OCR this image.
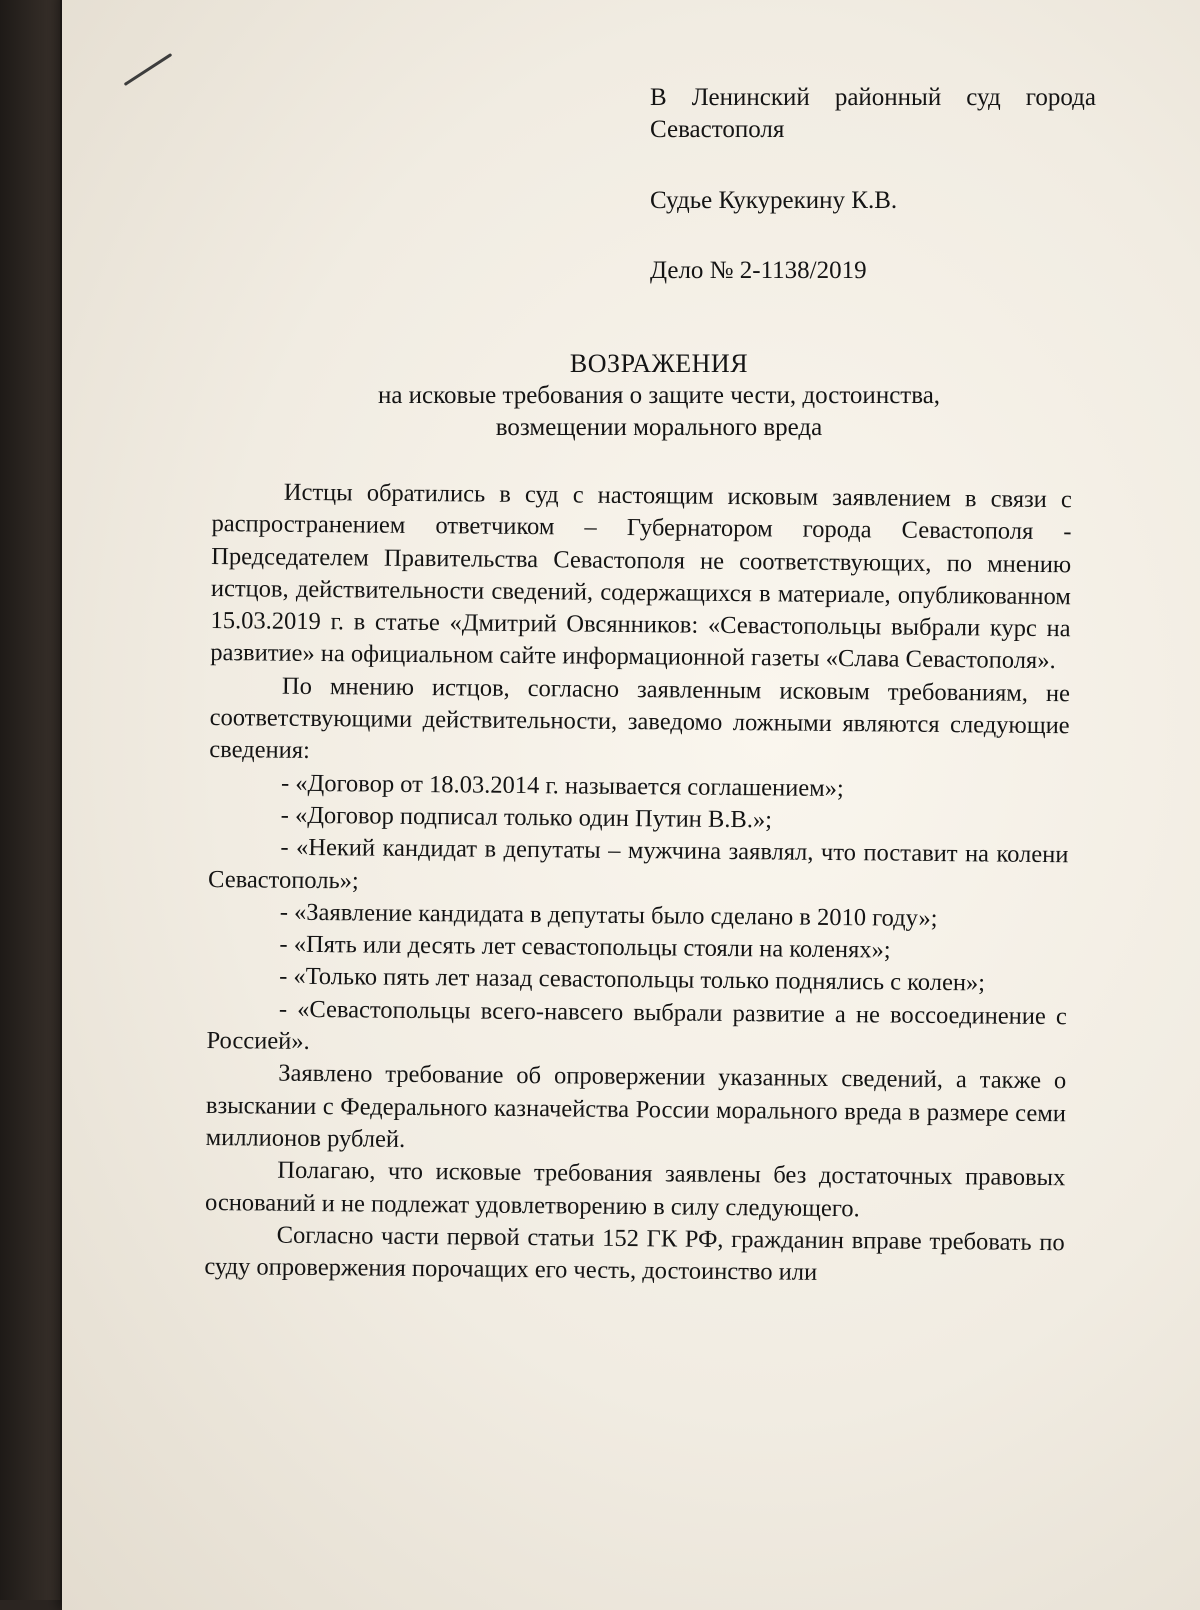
В Ленинский районный суд города Севастополя
Судье Кукурекину К.В.
Дело № 2-1138/2019
ВОЗРАЖЕНИЯ
на исковые требования о защите чести, достоинства,
возмещении морального вреда

Истцы обратились в суд с настоящим исковым заявлением в связи с распространением ответчиком – Губернатором города Севастополя - Председателем Правительства Севастополя не соответствующих, по мнению истцов, действительности сведений, содержащихся в материале, опубликованном 15.03.2019 г. в статье «Дмитрий Овсянников: «Севастопольцы выбрали курс на развитие» на официальном сайте информационной газеты «Слава Севастополя».

По мнению истцов, согласно заявленным исковым требованиям, не соответствующими действительности, заведомо ложными являются следующие сведения:

- «Договор от 18.03.2014 г. называется соглашением»;
- «Договор подписал только один Путин В.В.»;
- «Некий кандидат в депутаты – мужчина заявлял, что поставит на колени Севастополь»;
- «Заявление кандидата в депутаты было сделано в 2010 году»;
- «Пять или десять лет севастопольцы стояли на коленях»;
- «Только пять лет назад севастопольцы только поднялись с колен»;
- «Севастопольцы всего-навсего выбрали развитие а не воссоединение с Россией».

Заявлено требование об опровержении указанных сведений, а также о взыскании с Федерального казначейства России морального вреда в размере семи миллионов рублей.

Полагаю, что исковые требования заявлены без достаточных правовых оснований и не подлежат удовлетворению в силу следующего.

Согласно части первой статьи 152 ГК РФ, гражданин вправе требовать по суду опровержения порочащих его честь, достоинство или
